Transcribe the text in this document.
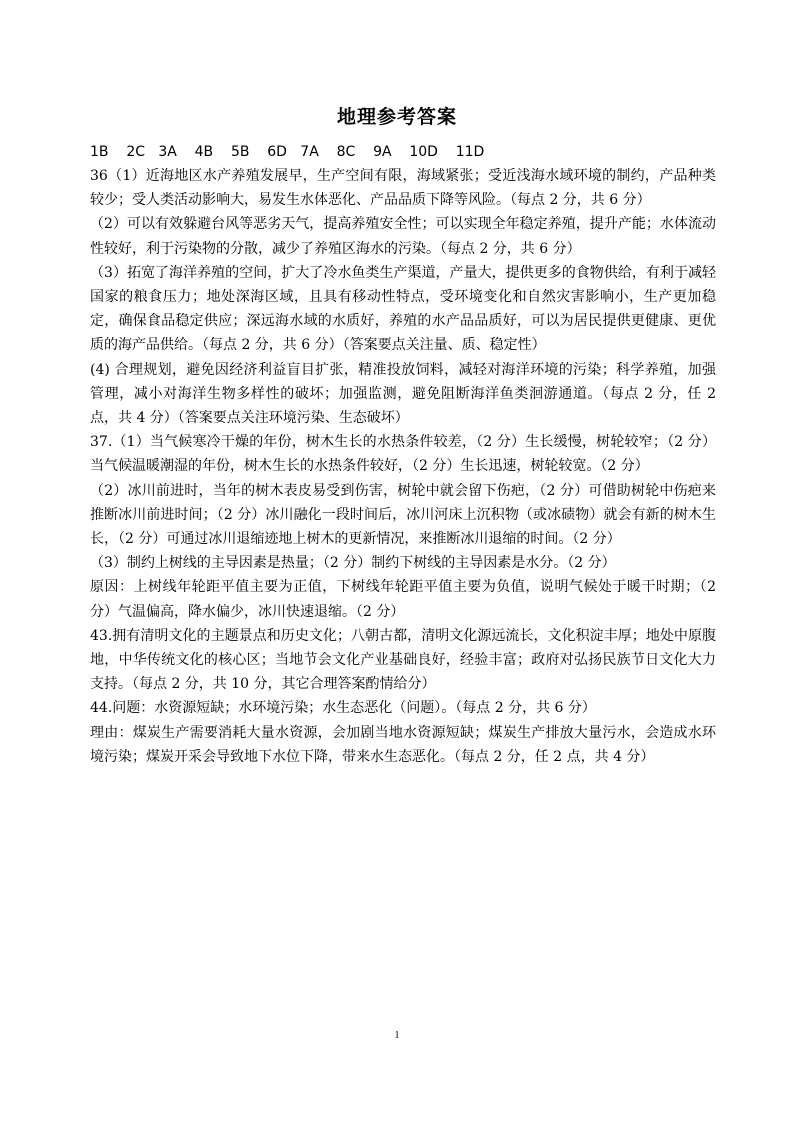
地理参考答案
1B    2C   3A    4B    5B    6D   7A    8C    9A    10D    11D

36（1）近海地区水产养殖发展早，生产空间有限，海域紧张；受近浅海水域环境的制约，产品种类较少；受人类活动影响大，易发生水体恶化、产品品质下降等风险。（每点 2 分，共 6 分）

（2）可以有效躲避台风等恶劣天气，提高养殖安全性；可以实现全年稳定养殖，提升产能；水体流动性较好，利于污染物的分散，减少了养殖区海水的污染。（每点 2 分，共 6 分）

（3）拓宽了海洋养殖的空间，扩大了冷水鱼类生产渠道，产量大，提供更多的食物供给，有利于减轻国家的粮食压力；地处深海区域，且具有移动性特点，受环境变化和自然灾害影响小，生产更加稳定，确保食品稳定供应；深远海水域的水质好，养殖的水产品品质好，可以为居民提供更健康、更优质的海产品供给。（每点 2 分，共 6 分）（答案要点关注量、质、稳定性）

(4) 合理规划，避免因经济利益盲目扩张，精准投放饲料，减轻对海洋环境的污染；科学养殖，加强管理，减小对海洋生物多样性的破坏；加强监测，避免阻断海洋鱼类洄游通道。（每点 2 分，任 2 点，共 4 分）（答案要点关注环境污染、生态破坏）

37.（1）当气候寒冷干燥的年份，树木生长的水热条件较差，（2 分）生长缓慢，树轮较窄；（2 分）当气候温暖潮湿的年份，树木生长的水热条件较好，（2 分）生长迅速，树轮较宽。（2 分）

（2）冰川前进时，当年的树木表皮易受到伤害，树轮中就会留下伤疤，（2 分）可借助树轮中伤疤来推断冰川前进时间；（2 分）冰川融化一段时间后，冰川河床上沉积物（或冰碛物）就会有新的树木生长，（2 分）可通过冰川退缩迹地上树木的更新情况，来推断冰川退缩的时间。（2 分）

（3）制约上树线的主导因素是热量；（2 分）制约下树线的主导因素是水分。（2 分）

原因：上树线年轮距平值主要为正值，下树线年轮距平值主要为负值，说明气候处于暖干时期；（2 分）气温偏高，降水偏少，冰川快速退缩。（2 分）

43.拥有清明文化的主题景点和历史文化；八朝古都，清明文化源远流长，文化积淀丰厚；地处中原腹地，中华传统文化的核心区；当地节会文化产业基础良好，经验丰富；政府对弘扬民族节日文化大力支持。（每点 2 分，共 10 分，其它合理答案酌情给分）

44.问题：水资源短缺；水环境污染；水生态恶化（问题）。（每点 2 分，共 6 分）

理由：煤炭生产需要消耗大量水资源，会加剧当地水资源短缺；煤炭生产排放大量污水，会造成水环境污染；煤炭开采会导致地下水位下降，带来水生态恶化。（每点 2 分，任 2 点，共 4 分）

1
